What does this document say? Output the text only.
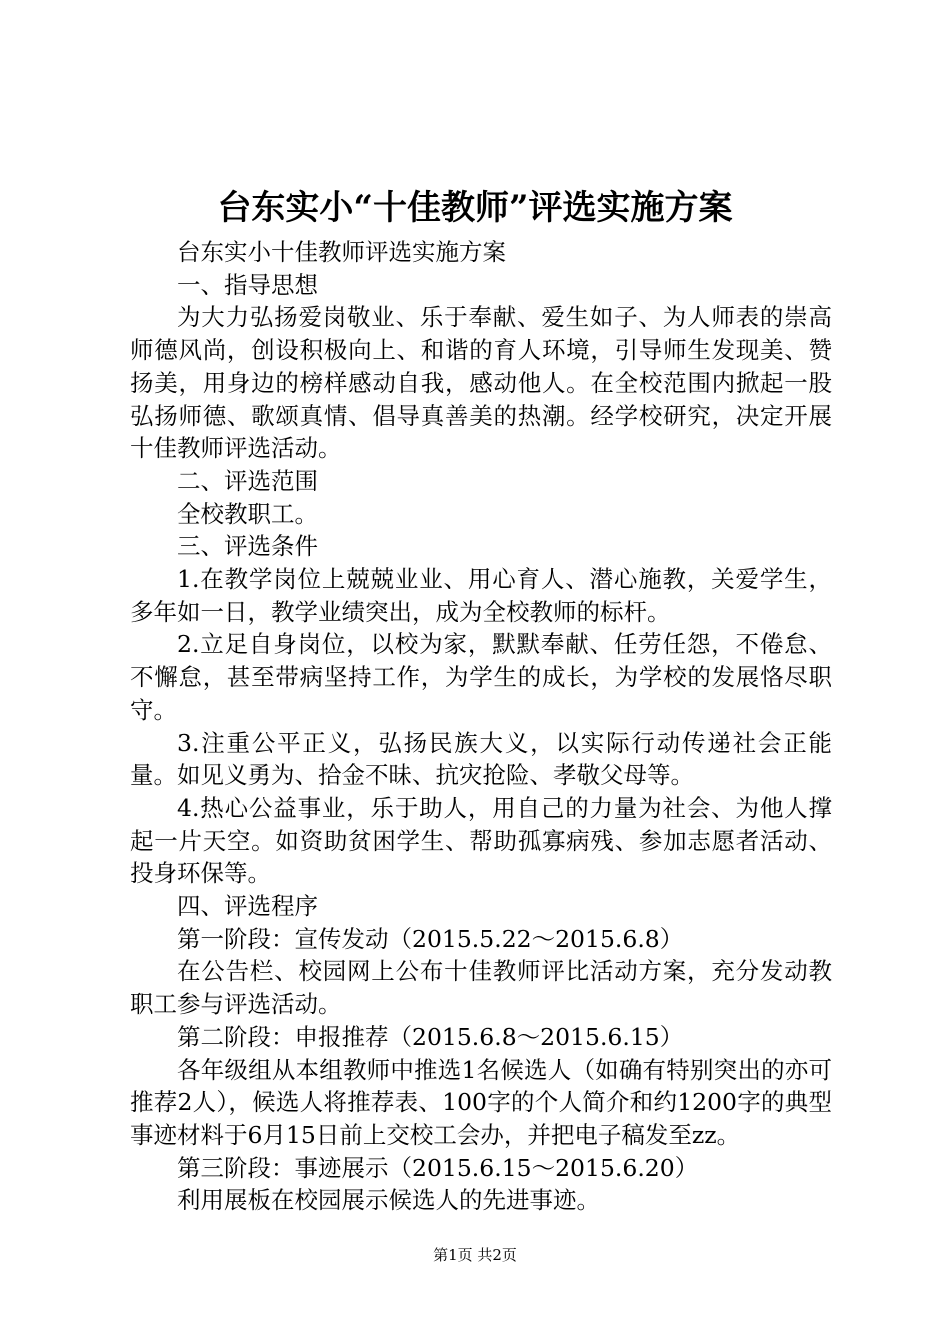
台东实小“十佳教师”评选实施方案

台东实小十佳教师评选实施方案

一、指导思想

为大力弘扬爱岗敬业、乐于奉献、爱生如子、为人师表的崇高师德风尚，创设积极向上、和谐的育人环境，引导师生发现美、赞扬美，用身边的榜样感动自我，感动他人。在全校范围内掀起一股弘扬师德、歌颂真情、倡导真善美的热潮。经学校研究，决定开展十佳教师评选活动。

二、评选范围

全校教职工。

三、评选条件

1.在教学岗位上兢兢业业、用心育人、潜心施教，关爱学生，多年如一日，教学业绩突出，成为全校教师的标杆。

2.立足自身岗位，以校为家，默默奉献、任劳任怨，不倦怠、不懈怠，甚至带病坚持工作，为学生的成长，为学校的发展恪尽职守。

3.注重公平正义，弘扬民族大义，以实际行动传递社会正能量。如见义勇为、拾金不昧、抗灾抢险、孝敬父母等。

4.热心公益事业，乐于助人，用自己的力量为社会、为他人撑起一片天空。如资助贫困学生、帮助孤寡病残、参加志愿者活动、投身环保等。

四、评选程序

第一阶段：宣传发动（2015.5.22～2015.6.8）

在公告栏、校园网上公布十佳教师评比活动方案，充分发动教职工参与评选活动。

第二阶段：申报推荐（2015.6.8～2015.6.15）

各年级组从本组教师中推选1名候选人（如确有特别突出的亦可推荐2人），候选人将推荐表、100字的个人简介和约1200字的典型事迹材料于6月15日前上交校工会办，并把电子稿发至zz。

第三阶段：事迹展示（2015.6.15～2015.6.20）

利用展板在校园展示候选人的先进事迹。

第1页 共2页
